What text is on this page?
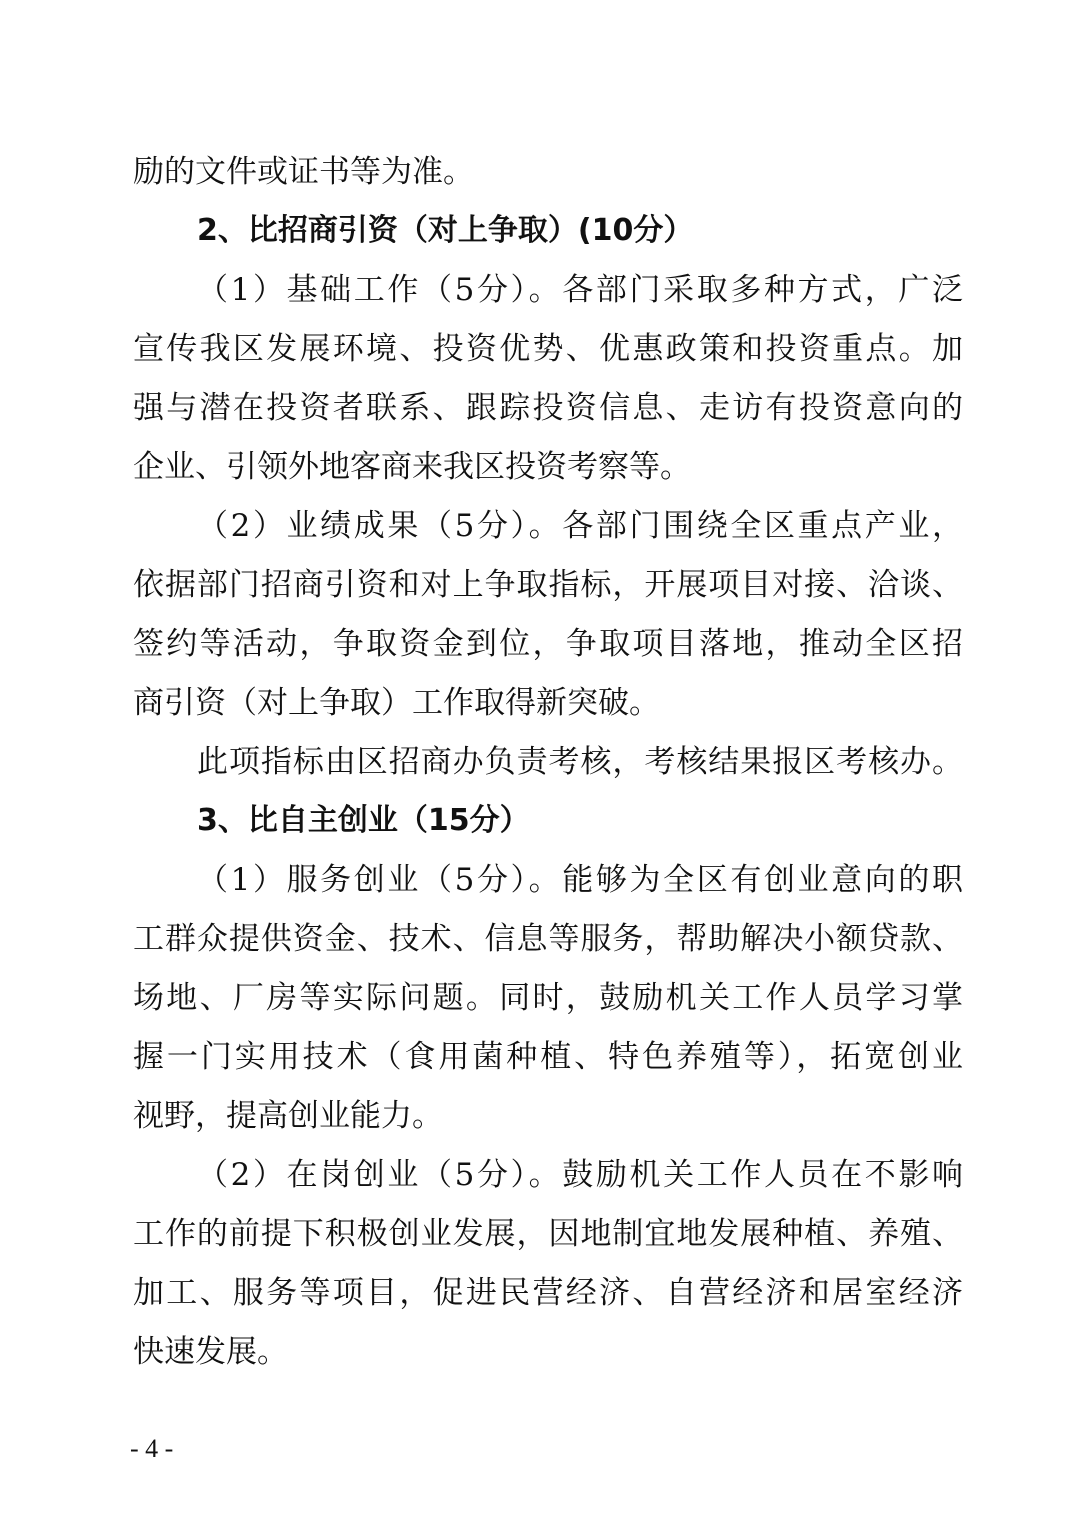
励的文件或证书等为准。
2、比招商引资（对上争取）(10分）
（1）基础工作（5分）。各部门采取多种方式，广泛
宣传我区发展环境、投资优势、优惠政策和投资重点。加
强与潜在投资者联系、跟踪投资信息、走访有投资意向的
企业、引领外地客商来我区投资考察等。
（2）业绩成果（5分）。各部门围绕全区重点产业，
依据部门招商引资和对上争取指标，开展项目对接、洽谈、
签约等活动，争取资金到位，争取项目落地，推动全区招
商引资（对上争取）工作取得新突破。
此项指标由区招商办负责考核，考核结果报区考核办。
3、比自主创业（15分）
（1）服务创业（5分）。能够为全区有创业意向的职
工群众提供资金、技术、信息等服务，帮助解决小额贷款、
场地、厂房等实际问题。同时，鼓励机关工作人员学习掌
握一门实用技术（食用菌种植、特色养殖等），拓宽创业
视野，提高创业能力。
（2）在岗创业（5分）。鼓励机关工作人员在不影响
工作的前提下积极创业发展，因地制宜地发展种植、养殖、
加工、服务等项目，促进民营经济、自营经济和居室经济
快速发展。
- 4 -
